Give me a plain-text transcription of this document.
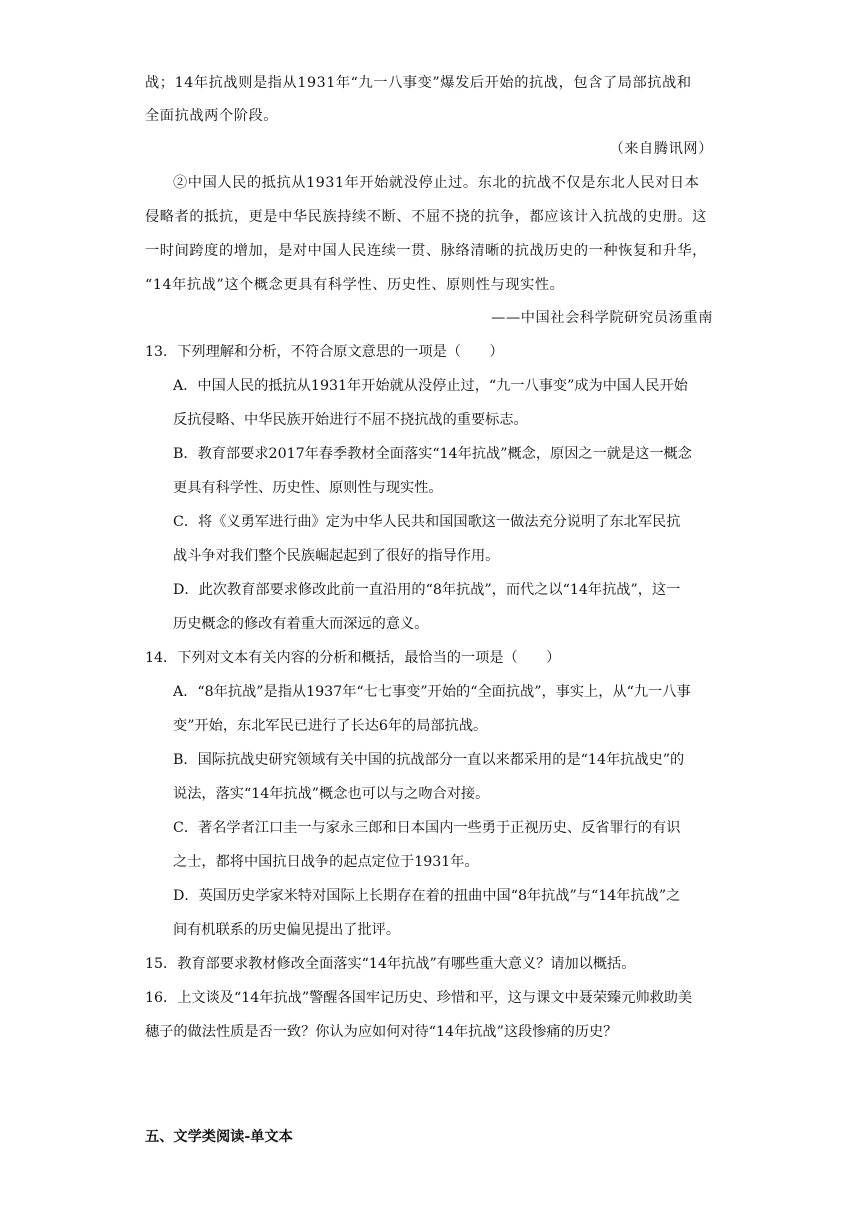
战；14年抗战则是指从1931年“九一八事变”爆发后开始的抗战，包含了局部抗战和
全面抗战两个阶段。
（来自腾讯网）
②中国人民的抵抗从1931年开始就没停止过。东北的抗战不仅是东北人民对日本
侵略者的抵抗，更是中华民族持续不断、不屈不挠的抗争，都应该计入抗战的史册。这
一时间跨度的增加，是对中国人民连续一贯、脉络清晰的抗战历史的一种恢复和升华，
“14年抗战”这个概念更具有科学性、历史性、原则性与现实性。
——中国社会科学院研究员汤重南
13．下列理解和分析，不符合原文意思的一项是（　　）
A．中国人民的抵抗从1931年开始就从没停止过，“九一八事变”成为中国人民开始
反抗侵略、中华民族开始进行不屈不挠抗战的重要标志。
B．教育部要求2017年春季教材全面落实“14年抗战”概念，原因之一就是这一概念
更具有科学性、历史性、原则性与现实性。
C．将《义勇军进行曲》定为中华人民共和国国歌这一做法充分说明了东北军民抗
战斗争对我们整个民族崛起起到了很好的指导作用。
D．此次教育部要求修改此前一直沿用的“8年抗战”，而代之以“14年抗战”，这一
历史概念的修改有着重大而深远的意义。
14．下列对文本有关内容的分析和概括，最恰当的一项是（　　）
A．“8年抗战”是指从1937年“七七事变”开始的“全面抗战”，事实上，从“九一八事
变”开始，东北军民已进行了长达6年的局部抗战。
B．国际抗战史研究领域有关中国的抗战部分一直以来都采用的是“14年抗战史”的
说法，落实“14年抗战”概念也可以与之吻合对接。
C．著名学者江口圭一与家永三郎和日本国内一些勇于正视历史、反省罪行的有识
之士，都将中国抗日战争的起点定位于1931年。
D．英国历史学家米特对国际上长期存在着的扭曲中国“8年抗战”与“14年抗战”之
间有机联系的历史偏见提出了批评。
15．教育部要求教材修改全面落实“14年抗战”有哪些重大意义？请加以概括。
16．上文谈及“14年抗战”警醒各国牢记历史、珍惜和平，这与课文中聂荣臻元帅救助美
穗子的做法性质是否一致？你认为应如何对待“14年抗战”这段惨痛的历史？
五、文学类阅读-单文本
